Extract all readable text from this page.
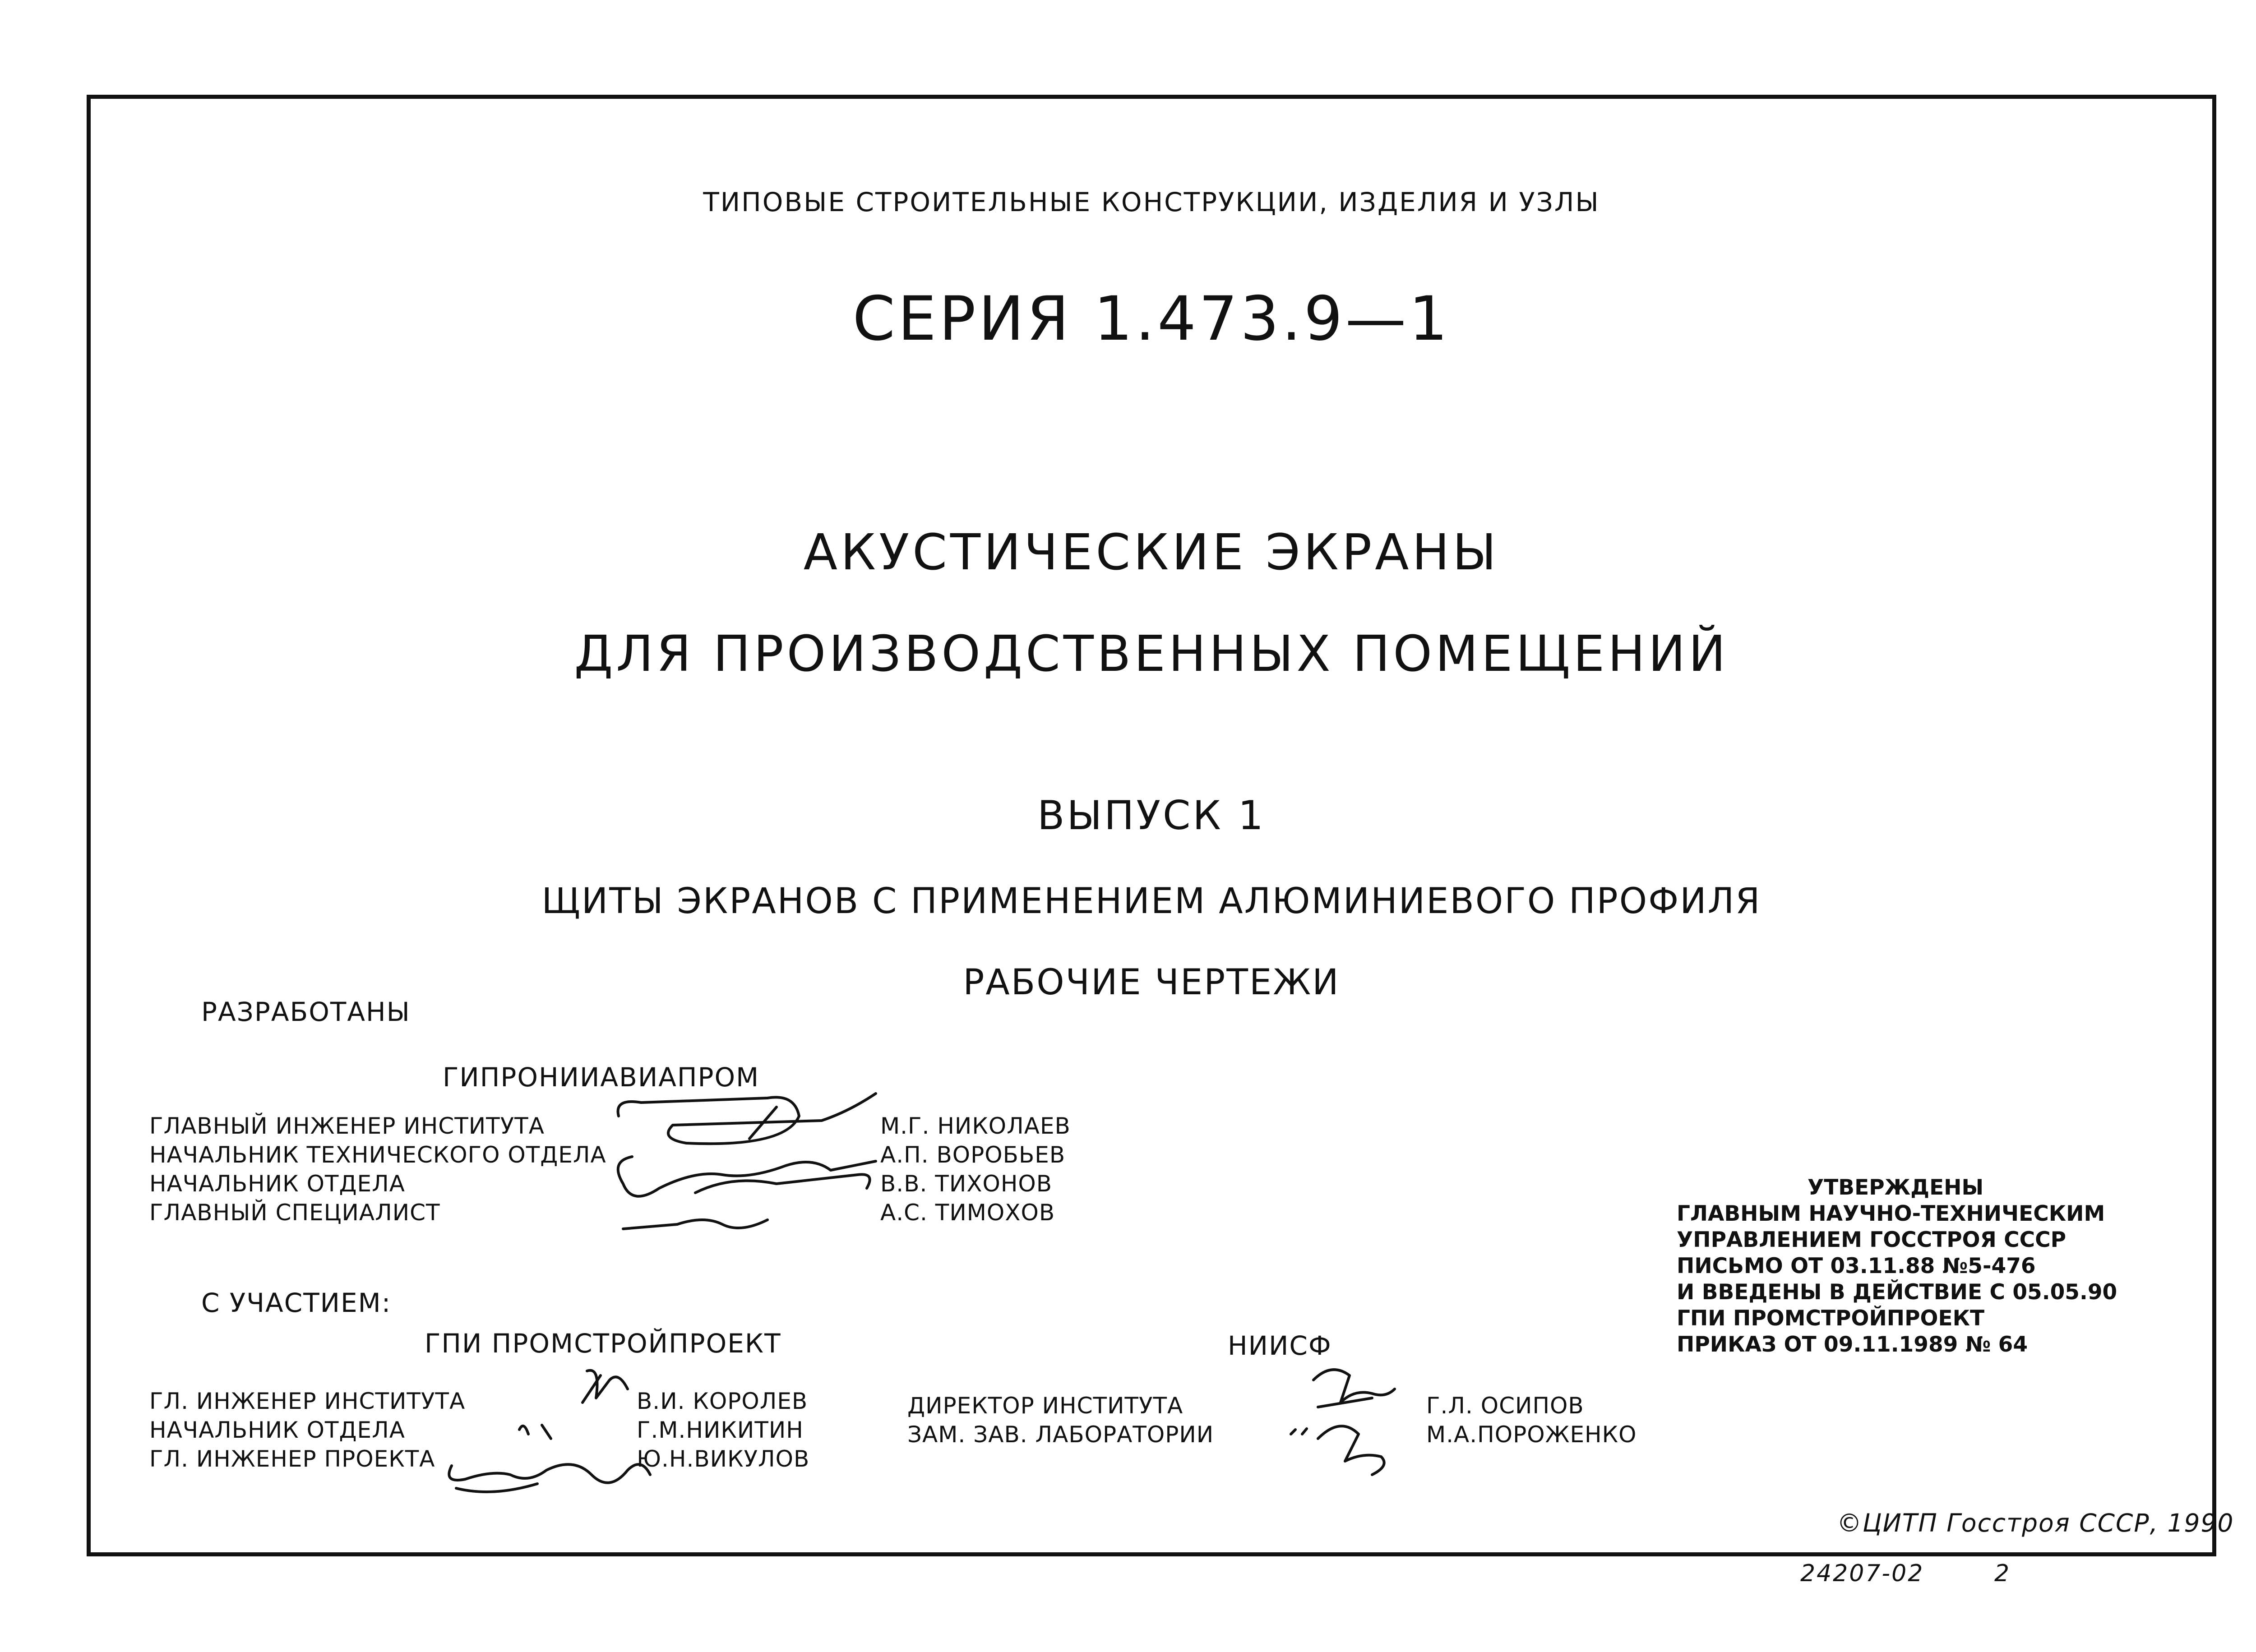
ТИПОВЫЕ СТРОИТЕЛЬНЫЕ КОНСТРУКЦИИ, ИЗДЕЛИЯ И УЗЛЫ
СЕРИЯ 1.473.9—1
АКУСТИЧЕСКИЕ ЭКРАНЫ
ДЛЯ ПРОИЗВОДСТВЕННЫХ ПОМЕЩЕНИЙ
ВЫПУСК 1
ЩИТЫ ЭКРАНОВ С ПРИМЕНЕНИЕМ АЛЮМИНИЕВОГО ПРОФИЛЯ
РАБОЧИЕ ЧЕРТЕЖИ
РАЗРАБОТАНЫ
ГИПРОНИИАВИАПРОМ
ГЛАВНЫЙ ИНЖЕНЕР ИНСТИТУТА
НАЧАЛЬНИК ТЕХНИЧЕСКОГО ОТДЕЛА
НАЧАЛЬНИК ОТДЕЛА
ГЛАВНЫЙ СПЕЦИАЛИСТ
М.Г. НИКОЛАЕВ
А.П. ВОРОБЬЕВ
В.В. ТИХОНОВ
А.С. ТИМОХОВ
С УЧАСТИЕМ:
ГПИ ПРОМСТРОЙПРОЕКТ
ГЛ. ИНЖЕНЕР ИНСТИТУТА
НАЧАЛЬНИК ОТДЕЛА
ГЛ. ИНЖЕНЕР ПРОЕКТА
В.И. КОРОЛЕВ
Г.М.НИКИТИН
Ю.Н.ВИКУЛОВ
НИИСФ
ДИРЕКТОР ИНСТИТУТА
ЗАМ. ЗАВ. ЛАБОРАТОРИИ
Г.Л. ОСИПОВ
М.А.ПОРОЖЕНКО
УТВЕРЖДЕНЫ
ГЛАВНЫМ НАУЧНО-ТЕХНИЧЕСКИМ
УПРАВЛЕНИЕМ ГОССТРОЯ СССР
ПИСЬМО ОТ 03.11.88 №5-476
И ВВЕДЕНЫ В ДЕЙСТВИЕ С 05.05.90
ГПИ ПРОМСТРОЙПРОЕКТ
ПРИКАЗ ОТ 09.11.1989 № 64
©ЦИТП Госстроя СССР, 1990
24207-02	2
